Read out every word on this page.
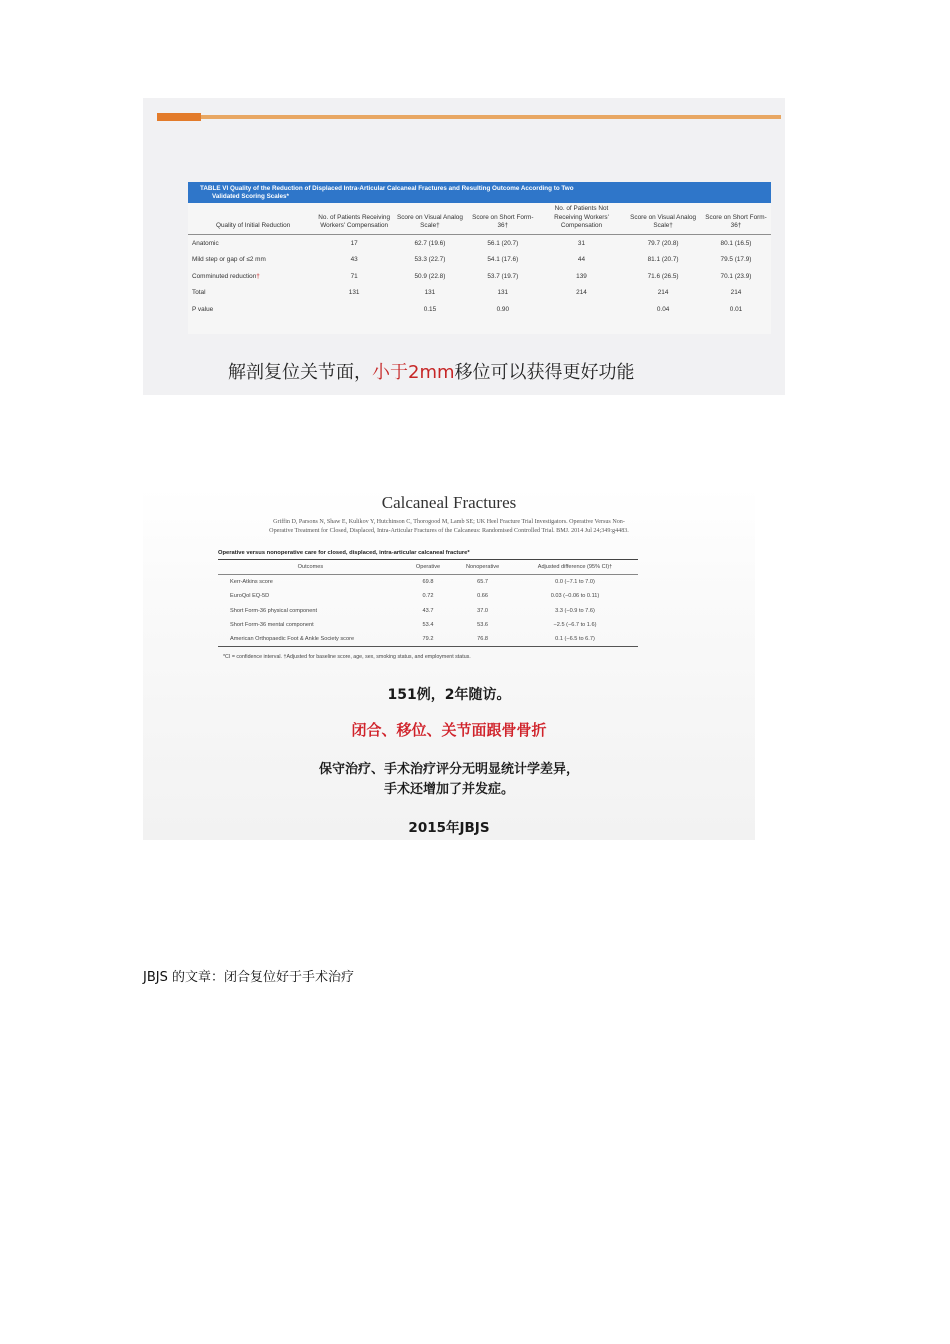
TABLE VI Quality of the Reduction of Displaced Intra-Articular Calcaneal Fractures and Resulting Outcome According to Two
Validated Scoring Scales*
Quality of Initial Reduction	No. of Patients Receiving Workers' Compensation	Score on Visual Analog Scale†	Score on Short Form-36†	No. of Patients Not Receiving Workers' Compensation	Score on Visual Analog Scale†	Score on Short Form-36†
Anatomic	17	62.7 (19.6)	56.1 (20.7)	31	79.7 (20.8)	80.1 (16.5)
Mild step or gap of ≤2 mm	43	53.3 (22.7)	54.1 (17.6)	44	81.1 (20.7)	79.5 (17.9)
Comminuted reduction†	71	50.9 (22.8)	53.7 (19.7)	139	71.6 (26.5)	70.1 (23.9)
Total	131	131	131	214	214	214
P value		0.15	0.90		0.04	0.01
解剖复位关节面，小于2mm移位可以获得更好功能
Calcaneal Fractures
Griffin D, Parsons N, Shaw E, Kulikov Y, Hutchinson C, Thorogood M, Lamb SE; UK Heel Fracture Trial Investigators. Operative Versus Non-
Operative Treatment for Closed, Displaced, Intra-Articular Fractures of the Calcaneus: Randomised Controlled Trial. BMJ. 2014 Jul 24;349:g4483.
Operative versus nonoperative care for closed, displaced, intra-articular calcaneal fracture*
Outcomes	Operative	Nonoperative	Adjusted difference (95% CI)†
Kerr-Atkins score	69.8	65.7	0.0 (−7.1 to 7.0)
EuroQol EQ-5D	0.72	0.66	0.03 (−0.06 to 0.11)
Short Form-36 physical component	43.7	37.0	3.3 (−0.9 to 7.6)
Short Form-36 mental component	53.4	53.6	−2.5 (−6.7 to 1.6)
American Orthopaedic Foot & Ankle Society score	79.2	76.8	0.1 (−6.5 to 6.7)
*CI = confidence interval. †Adjusted for baseline score, age, sex, smoking status, and employment status.
151例，2年随访。
闭合、移位、关节面跟骨骨折
保守治疗、手术治疗评分无明显统计学差异，
手术还增加了并发症。
2015年JBJS
JBJS 的文章：闭合复位好于手术治疗
